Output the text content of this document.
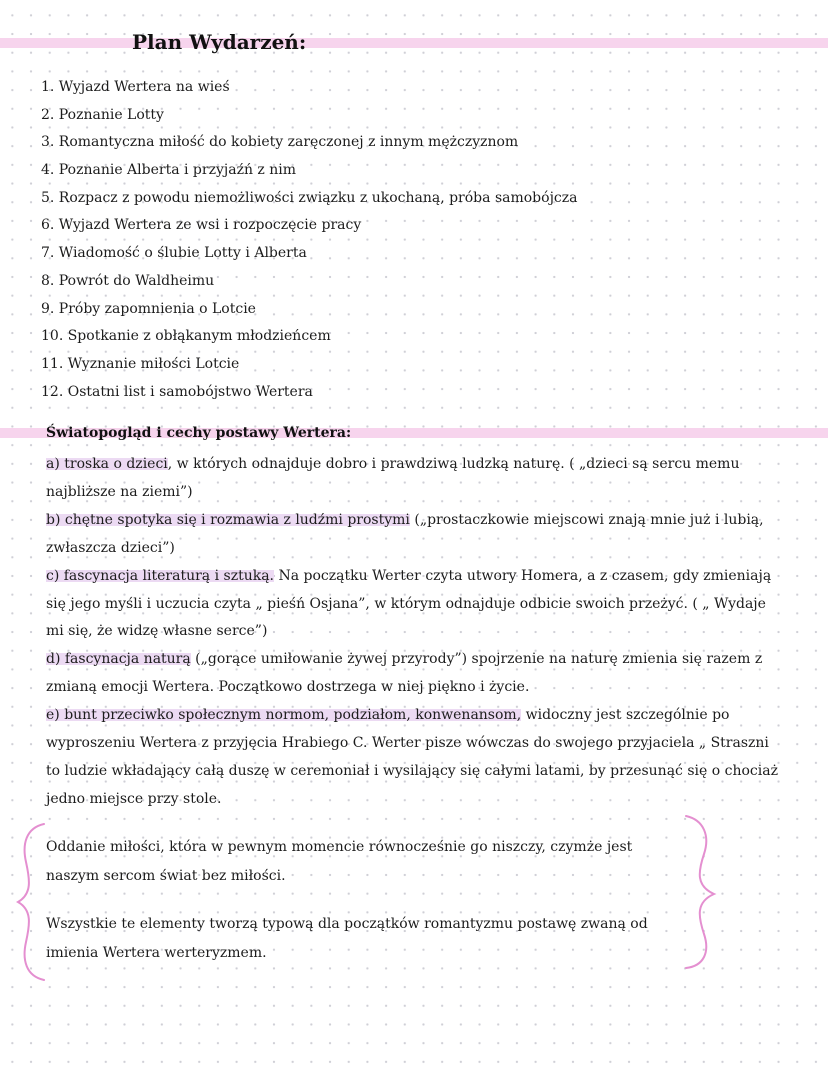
Plan Wydarzeń:
1. Wyjazd Wertera na wieś
2. Poznanie Lotty
3. Romantyczna miłość do kobiety zaręczonej z innym mężczyznom
4. Poznanie Alberta i przyjaźń z nim
5. Rozpacz z powodu niemożliwości związku z ukochaną, próba samobójcza
6. Wyjazd Wertera ze wsi i rozpoczęcie pracy
7. Wiadomość o ślubie Lotty i Alberta
8. Powrót do Waldheimu
9. Próby zapomnienia o Lotcie
10. Spotkanie z obłąkanym młodzieńcem
11. Wyznanie miłości Lotcie
12. Ostatni list i samobójstwo Wertera
Światopogląd i cechy postawy Wertera:

a) troska o dzieci, w których odnajduje dobro i prawdziwą ludzką naturę. ( „dzieci są sercu memu najbliższe na ziemi”)

b) chętne spotyka się i rozmawia z ludźmi prostymi („prostaczkowie miejscowi znają mnie już i lubią, zwłaszcza dzieci”)

c) fascynacja literaturą i sztuką. Na początku Werter czyta utwory Homera, a z czasem, gdy zmieniają się jego myśli i uczucia czyta „ pieśń Osjana”, w którym odnajduje odbicie swoich przeżyć. ( „ Wydaje mi się, że widzę własne serce”)

d) fascynacja naturą („gorące umiłowanie żywej przyrody”) spojrzenie na naturę zmienia się razem z zmianą emocji Wertera. Początkowo dostrzega w niej piękno i życie.

e) bunt przeciwko społecznym normom, podziałom, konwenansom, widoczny jest szczególnie po wyproszeniu Wertera z przyjęcia Hrabiego C. Werter pisze wówczas do swojego przyjaciela „ Straszni to ludzie wkładający całą duszę w ceremoniał i wysilający się całymi latami, by przesunąć się o chociaż jedno miejsce przy stole.

Oddanie miłości, która w pewnym momencie równocześnie go niszczy, czymże jest naszym sercom świat bez miłości.

Wszystkie te elementy tworzą typową dla początków romantyzmu postawę zwaną od imienia Wertera werteryzmem.
